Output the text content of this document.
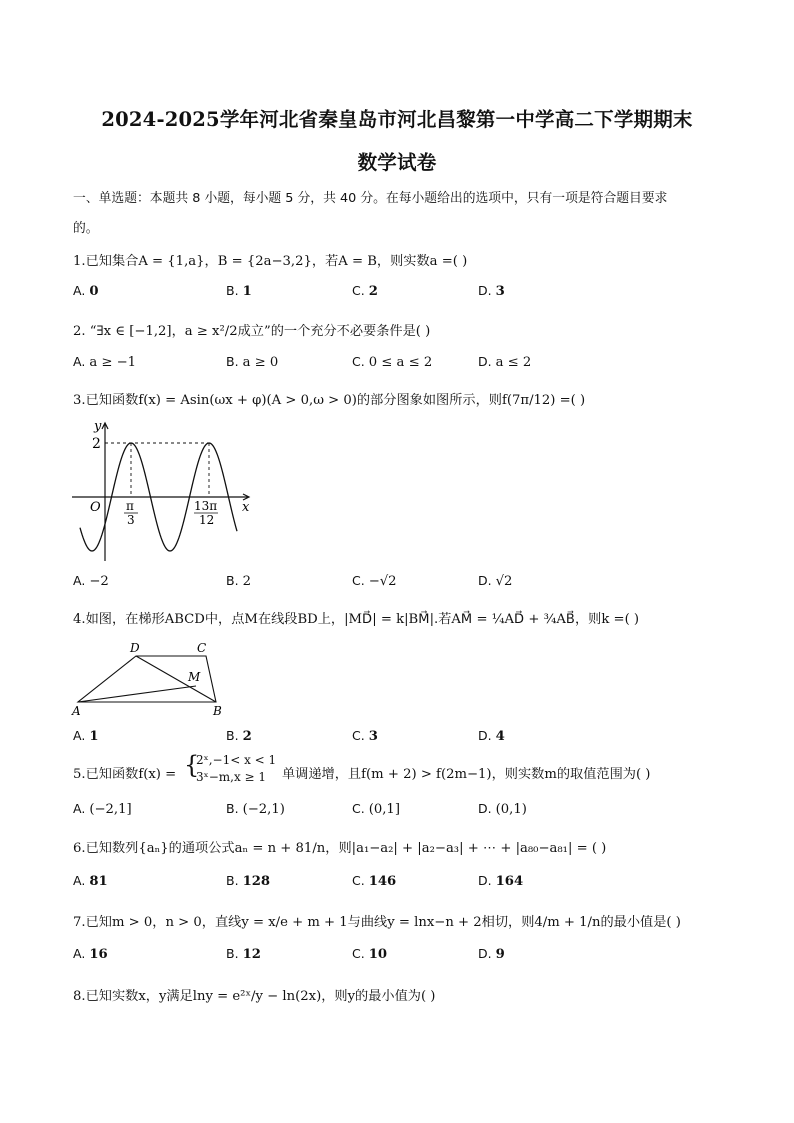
2024-2025学年河北省秦皇岛市河北昌黎第一中学高二下学期期末
数学试卷
一、单选题：本题共 8 小题，每小题 5 分，共 40 分。在每小题给出的选项中，只有一项是符合题目要求
的。
1.已知集合A = {1,a}，B = {2a−3,2}，若A = B，则实数a =( )
A. 0	B. 1	C. 2	D. 3
2. “∃x ∈ [−1,2]，a ≥ x²/2成立”的一个充分不必要条件是( )
A. a ≥ −1	B. a ≥ 0	C. 0 ≤ a ≤ 2	D. a ≤ 2
3.已知函数f(x) = Asin(ωx + φ)(A > 0,ω > 0)的部分图象如图所示，则f(7π/12) =( )
y
x
O
2
π
3
13π
12
A. −2	B. 2	C. −√2	D. √2
4.如图，在梯形ABCD中，点M在线段BD上，|MD⃗| = k|BM⃗|.若AM⃗ = ¼AD⃗ + ¾AB⃗，则k =( )
A	B
C
D
M
A. 1	B. 2	C. 3	D. 4
5.已知函数f(x) = {
2ˣ,−1< x < 1
3ˣ−m,x ≥ 1 单调递增，且f(m + 2) > f(2m−1)，则实数m的取值范围为( )
A. (−2,1]	B. (−2,1)	C. (0,1]	D. (0,1)
6.已知数列{aₙ}的通项公式aₙ = n + 81/n，则|a₁−a₂| + |a₂−a₃| + ⋯ + |a₈₀−a₈₁| = ( )
A. 81	B. 128	C. 146	D. 164
7.已知m > 0，n > 0，直线y = x/e + m + 1与曲线y = lnx−n + 2相切，则4/m + 1/n的最小值是( )
A. 16	B. 12	C. 10	D. 9
8.已知实数x，y满足lny = e²ˣ/y − ln(2x)，则y的最小值为( )
